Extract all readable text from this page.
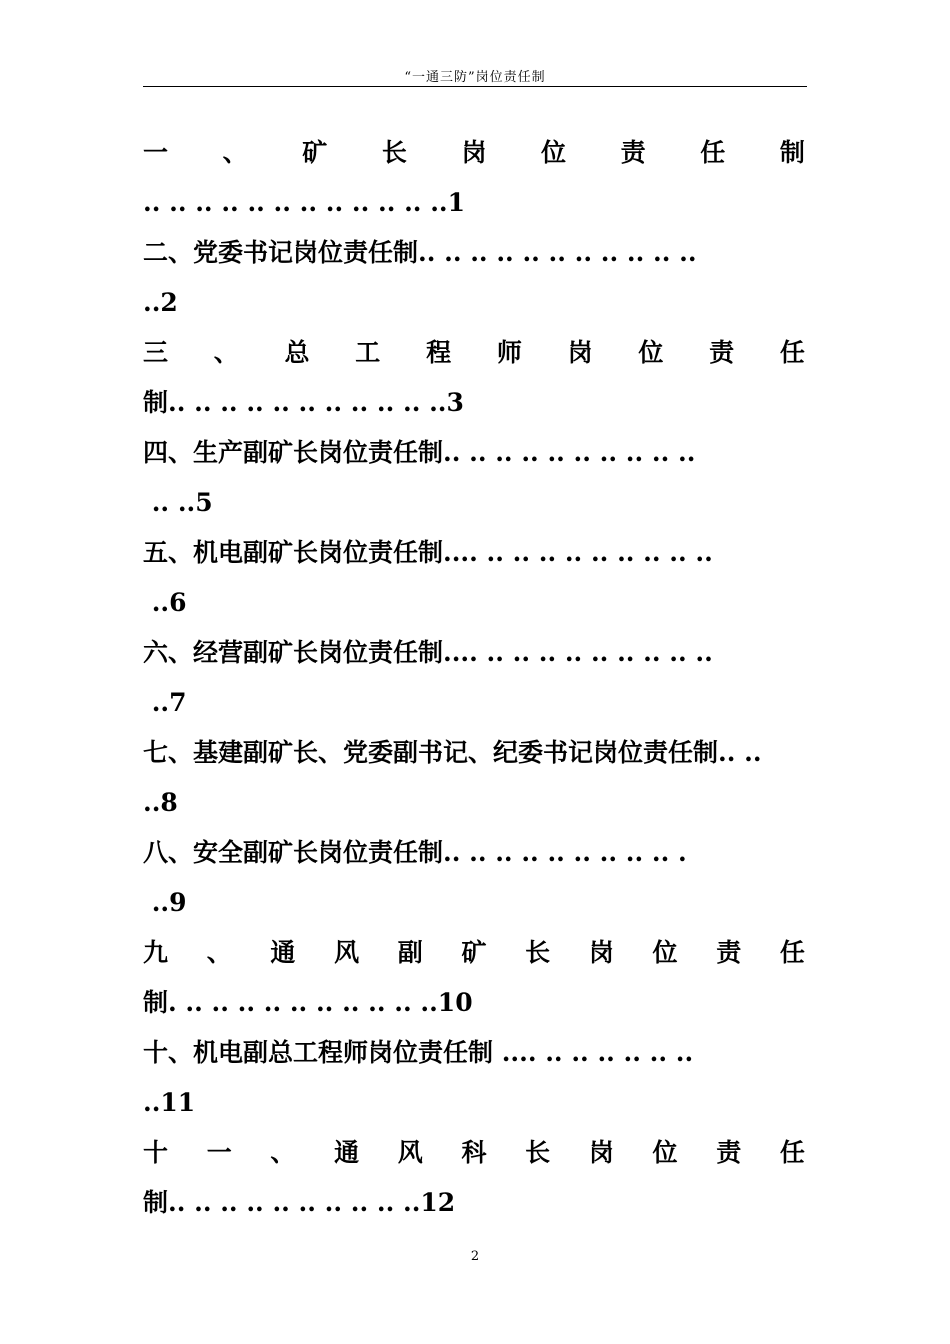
“一通三防”岗位责任制
一 、 矿 长 岗 位 责 任 制
.. .. .. .. .. .. .. .. .. .. .. ..1
二、党委书记岗位责任制.. .. .. .. .. .. .. .. .. .. ..
..2
三 、 总 工 程 师 岗 位 责 任
制.. .. .. .. .. .. .. .. .. .. ..3
四、生产副矿长岗位责任制.. .. .. .. .. .. .. .. .. ..
.. ..5
五、机电副矿长岗位责任制.... .. .. .. .. .. .. .. .. ..
..6
六、经营副矿长岗位责任制.... .. .. .. .. .. .. .. .. ..
..7
七、基建副矿长、党委副书记、纪委书记岗位责任制.. ..
..8
八、安全副矿长岗位责任制.. .. .. .. .. .. .. .. .. .
..9
九 、 通 风 副 矿 长 岗 位 责 任
制. .. .. .. .. .. .. .. .. .. ..10
十、机电副总工程师岗位责任制 .... .. .. .. .. .. ..
..11
十 一 、 通 风 科 长 岗 位 责 任
制.. .. .. .. .. .. .. .. .. ..12
2
